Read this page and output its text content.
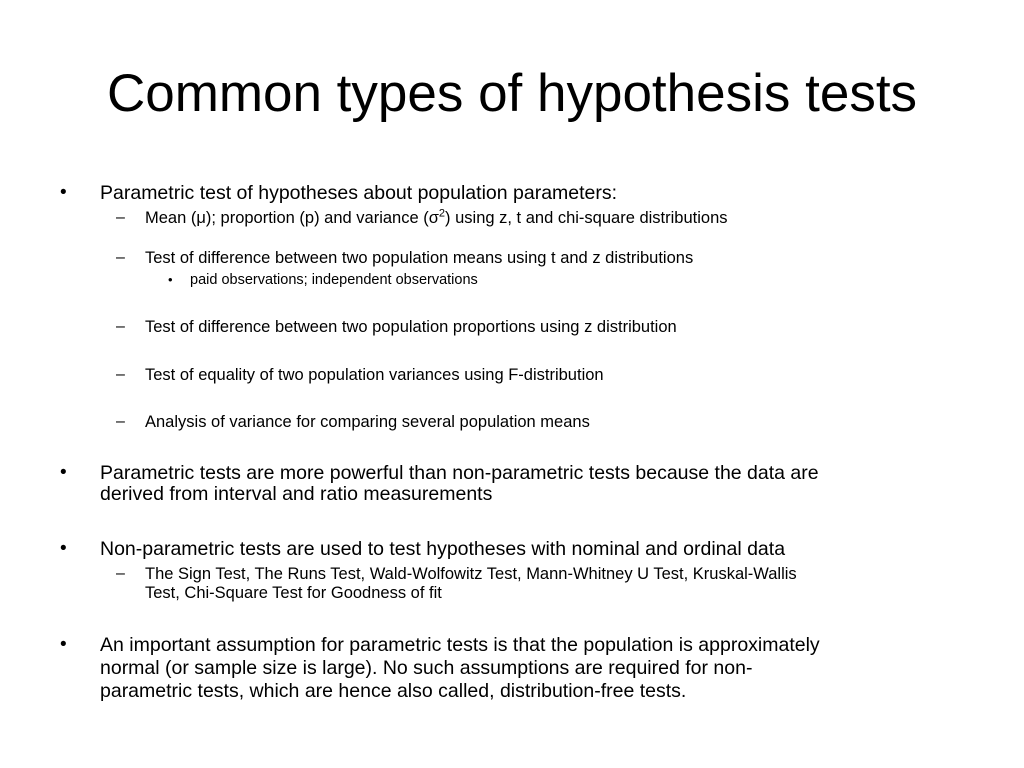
Common types of hypothesis tests
• Parametric test of hypotheses about population parameters:
– Mean (μ); proportion (p) and variance $(\sigma^2)$ using z, t and chi-square distributions
– Test of difference between two population means using t and z distributions
• paid observations; independent observations
– Test of difference between two population proportions using z distribution
– Test of equality of two population variances using F-distribution
– Analysis of variance for comparing several population means
• Parametric tests are more powerful than non-parametric tests because the data are
derived from interval and ratio measurements
• Non-parametric tests are used to test hypotheses with nominal and ordinal data
– The Sign Test, The Runs Test, Wald-Wolfowitz Test, Mann-Whitney U Test, Kruskal-Wallis
Test, Chi-Square Test for Goodness of fit
• An important assumption for parametric tests is that the population is approximately
normal (or sample size is large). No such assumptions are required for non-
parametric tests, which are hence also called, distribution-free tests.
